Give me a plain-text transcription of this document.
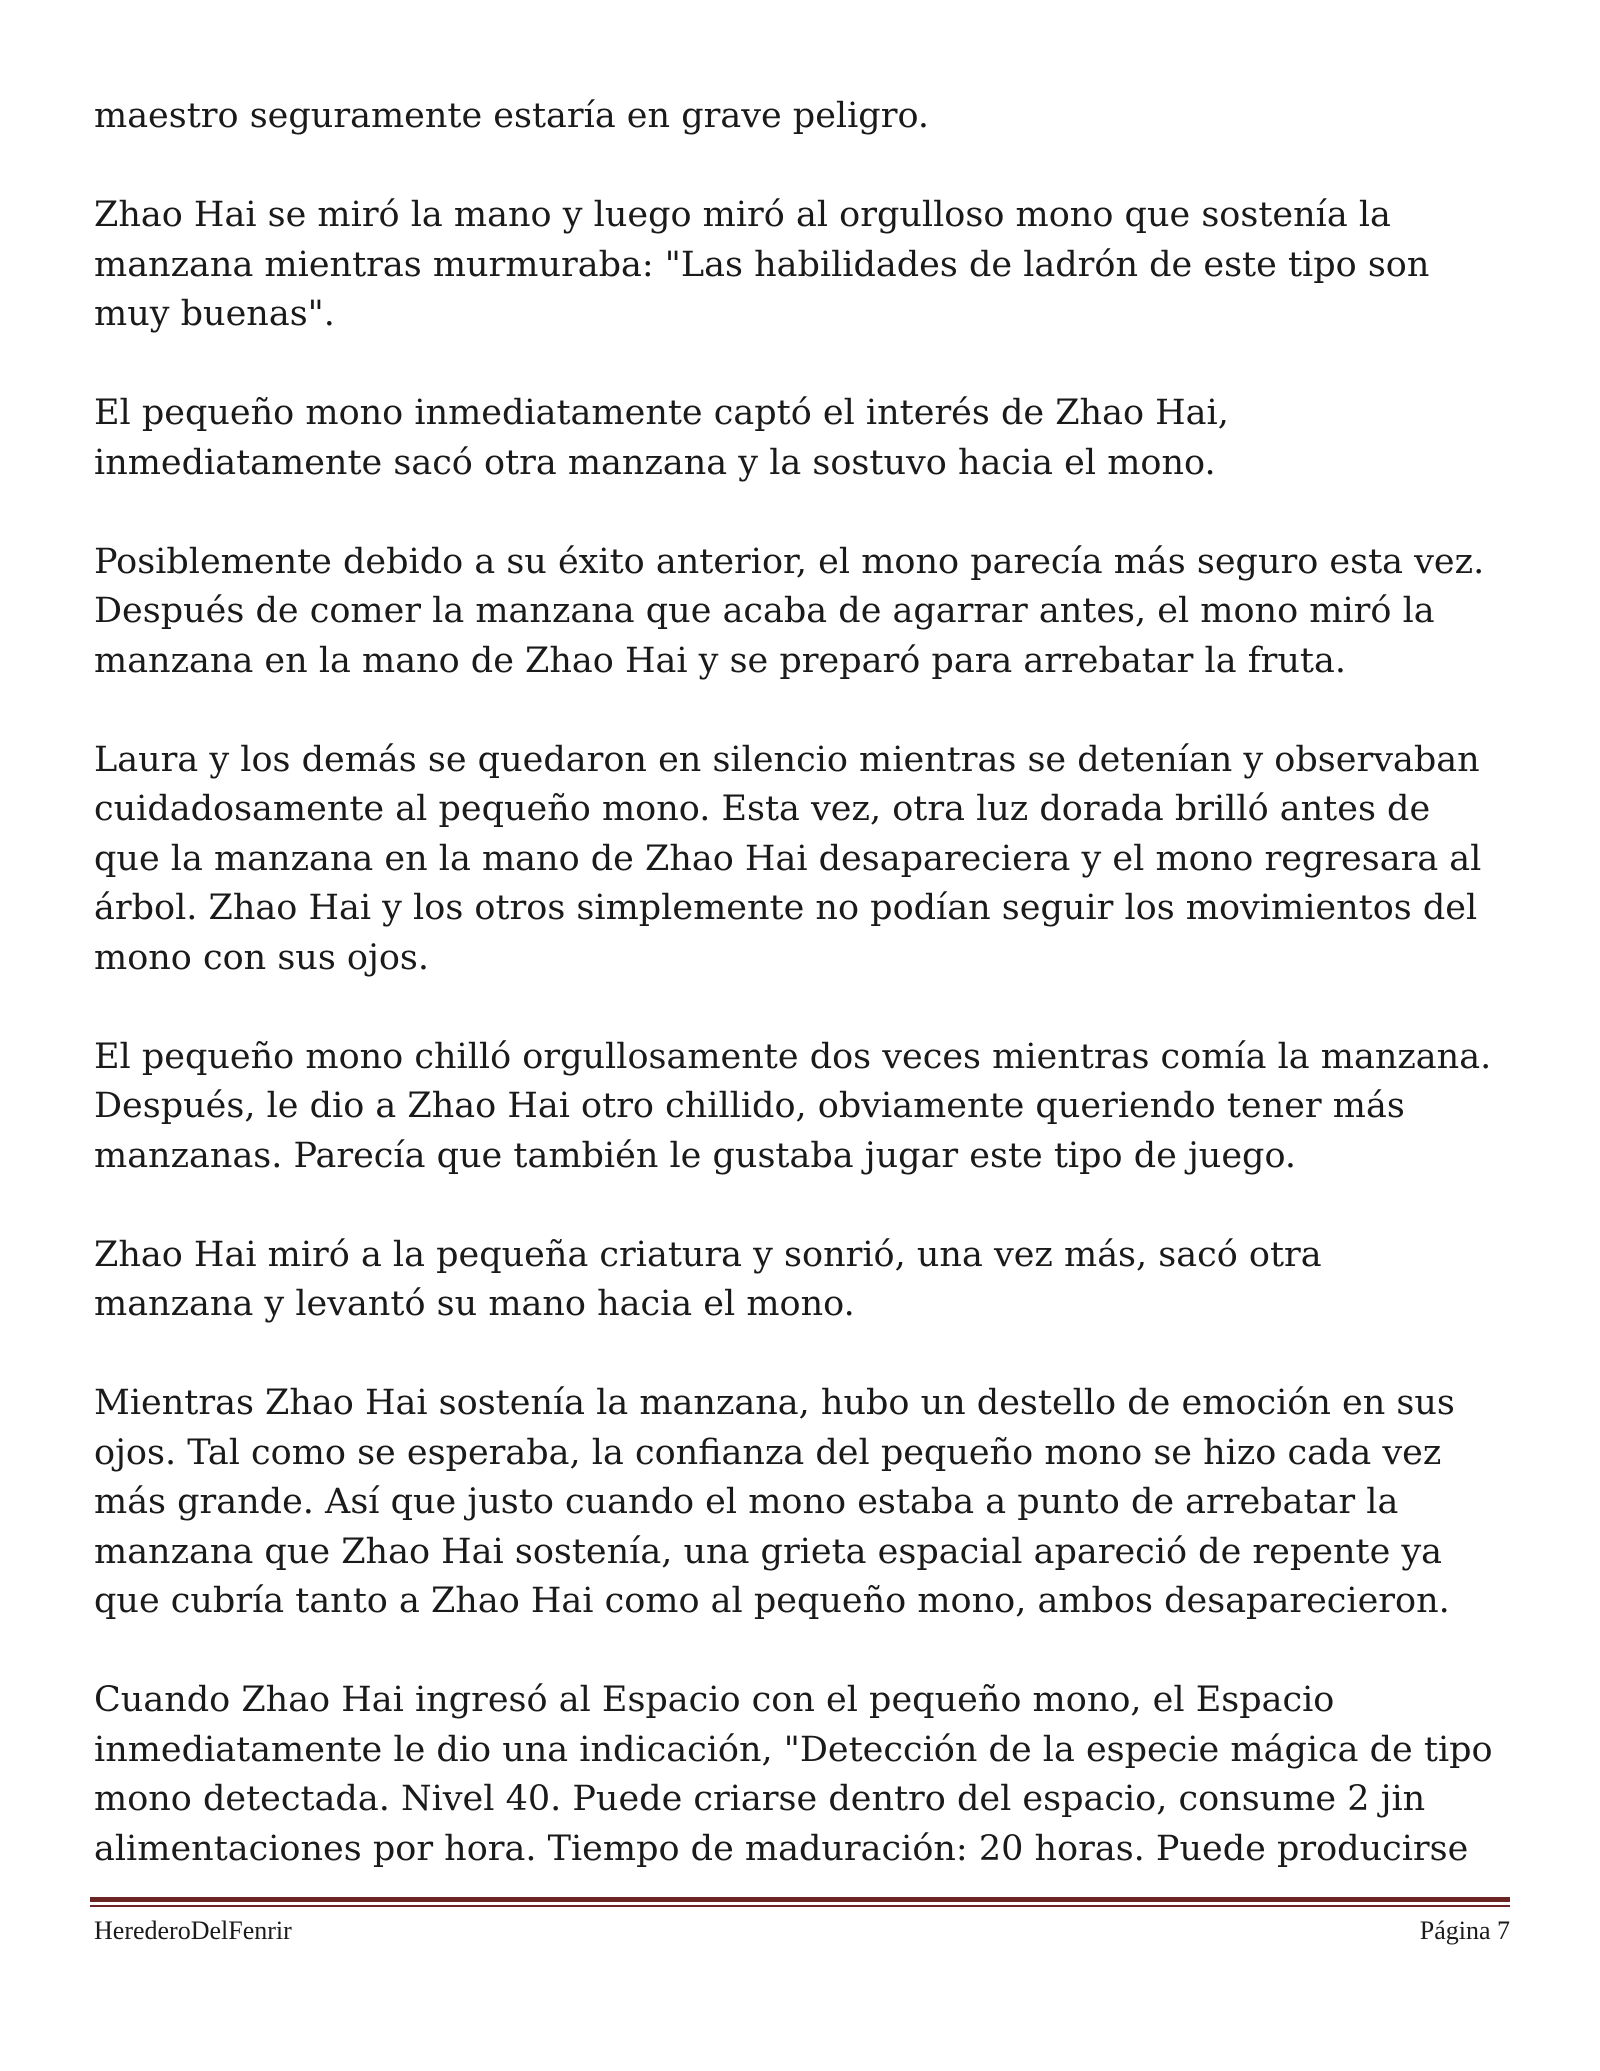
maestro seguramente estaría en grave peligro.

Zhao Hai se miró la mano y luego miró al orgulloso mono que sostenía la
manzana mientras murmuraba: "Las habilidades de ladrón de este tipo son
muy buenas".

El pequeño mono inmediatamente captó el interés de Zhao Hai,
inmediatamente sacó otra manzana y la sostuvo hacia el mono.

Posiblemente debido a su éxito anterior, el mono parecía más seguro esta vez.
Después de comer la manzana que acaba de agarrar antes, el mono miró la
manzana en la mano de Zhao Hai y se preparó para arrebatar la fruta.

Laura y los demás se quedaron en silencio mientras se detenían y observaban
cuidadosamente al pequeño mono. Esta vez, otra luz dorada brilló antes de
que la manzana en la mano de Zhao Hai desapareciera y el mono regresara al
árbol. Zhao Hai y los otros simplemente no podían seguir los movimientos del
mono con sus ojos.

El pequeño mono chilló orgullosamente dos veces mientras comía la manzana.
Después, le dio a Zhao Hai otro chillido, obviamente queriendo tener más
manzanas. Parecía que también le gustaba jugar este tipo de juego.

Zhao Hai miró a la pequeña criatura y sonrió, una vez más, sacó otra
manzana y levantó su mano hacia el mono.

Mientras Zhao Hai sostenía la manzana, hubo un destello de emoción en sus
ojos. Tal como se esperaba, la confianza del pequeño mono se hizo cada vez
más grande. Así que justo cuando el mono estaba a punto de arrebatar la
manzana que Zhao Hai sostenía, una grieta espacial apareció de repente ya
que cubría tanto a Zhao Hai como al pequeño mono, ambos desaparecieron.

Cuando Zhao Hai ingresó al Espacio con el pequeño mono, el Espacio
inmediatamente le dio una indicación, "Detección de la especie mágica de tipo
mono detectada. Nivel 40. Puede criarse dentro del espacio, consume 2 jin
alimentaciones por hora. Tiempo de maduración: 20 horas. Puede producirse

HerederoDelFenrir	Página 7
